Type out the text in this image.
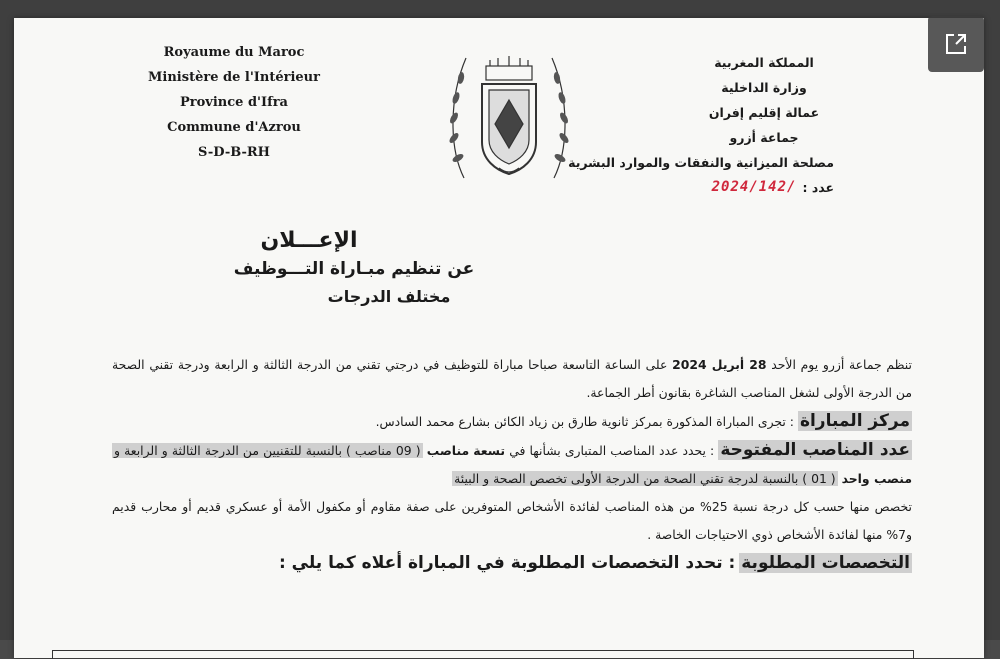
Royaume du Maroc
Ministère de l'Intérieur
Province d'Ifra
Commune d'Azrou
S-D-B-RH
المملكة المغربية
وزارة الداخلية
عمالة إقليم إفران
جماعة أزرو
مصلحة الميزانية والنفقات والموارد البشرية
عدد :
2024/142/

الإعـــلان

عن تنظيم مبـاراة التـــوظيف

مختلف الدرجات

تنظم جماعة أزرو يوم الأحد 28 أبريل 2024 على الساعة التاسعة صباحا مباراة للتوظيف في درجتي تقني من الدرجة الثالثة و الرابعة ودرجة تقني الصحة من الدرجة الأولى لشغل المناصب الشاغرة بقانون أطر الجماعة.

مركز المباراة : تجرى المباراة المذكورة بمركز ثانوية طارق بن زياد الكائن بشارع محمد السادس.

عدد المناصب المفتوحة : يحدد عدد المناصب المتبارى بشأنها في تسعة مناصب ( 09 مناصب ) بالنسبة للتقنيين من الدرجة الثالثة و الرابعة و منصب واحد ( 01 ) بالنسبة لدرجة تقني الصحة من الدرجة الأولى تخصص الصحة و البيئة

تخصص منها حسب كل درجة نسبة 25% من هذه المناصب لفائدة الأشخاص المتوفرين على صفة مقاوم أو مكفول الأمة أو عسكري قديم أو محارب قديم و7% منها لفائدة الأشخاص ذوي الاحتياجات الخاصة .

التخصصات المطلوبة : تحدد التخصصات المطلوبة في المباراة أعلاه كما يلي :
